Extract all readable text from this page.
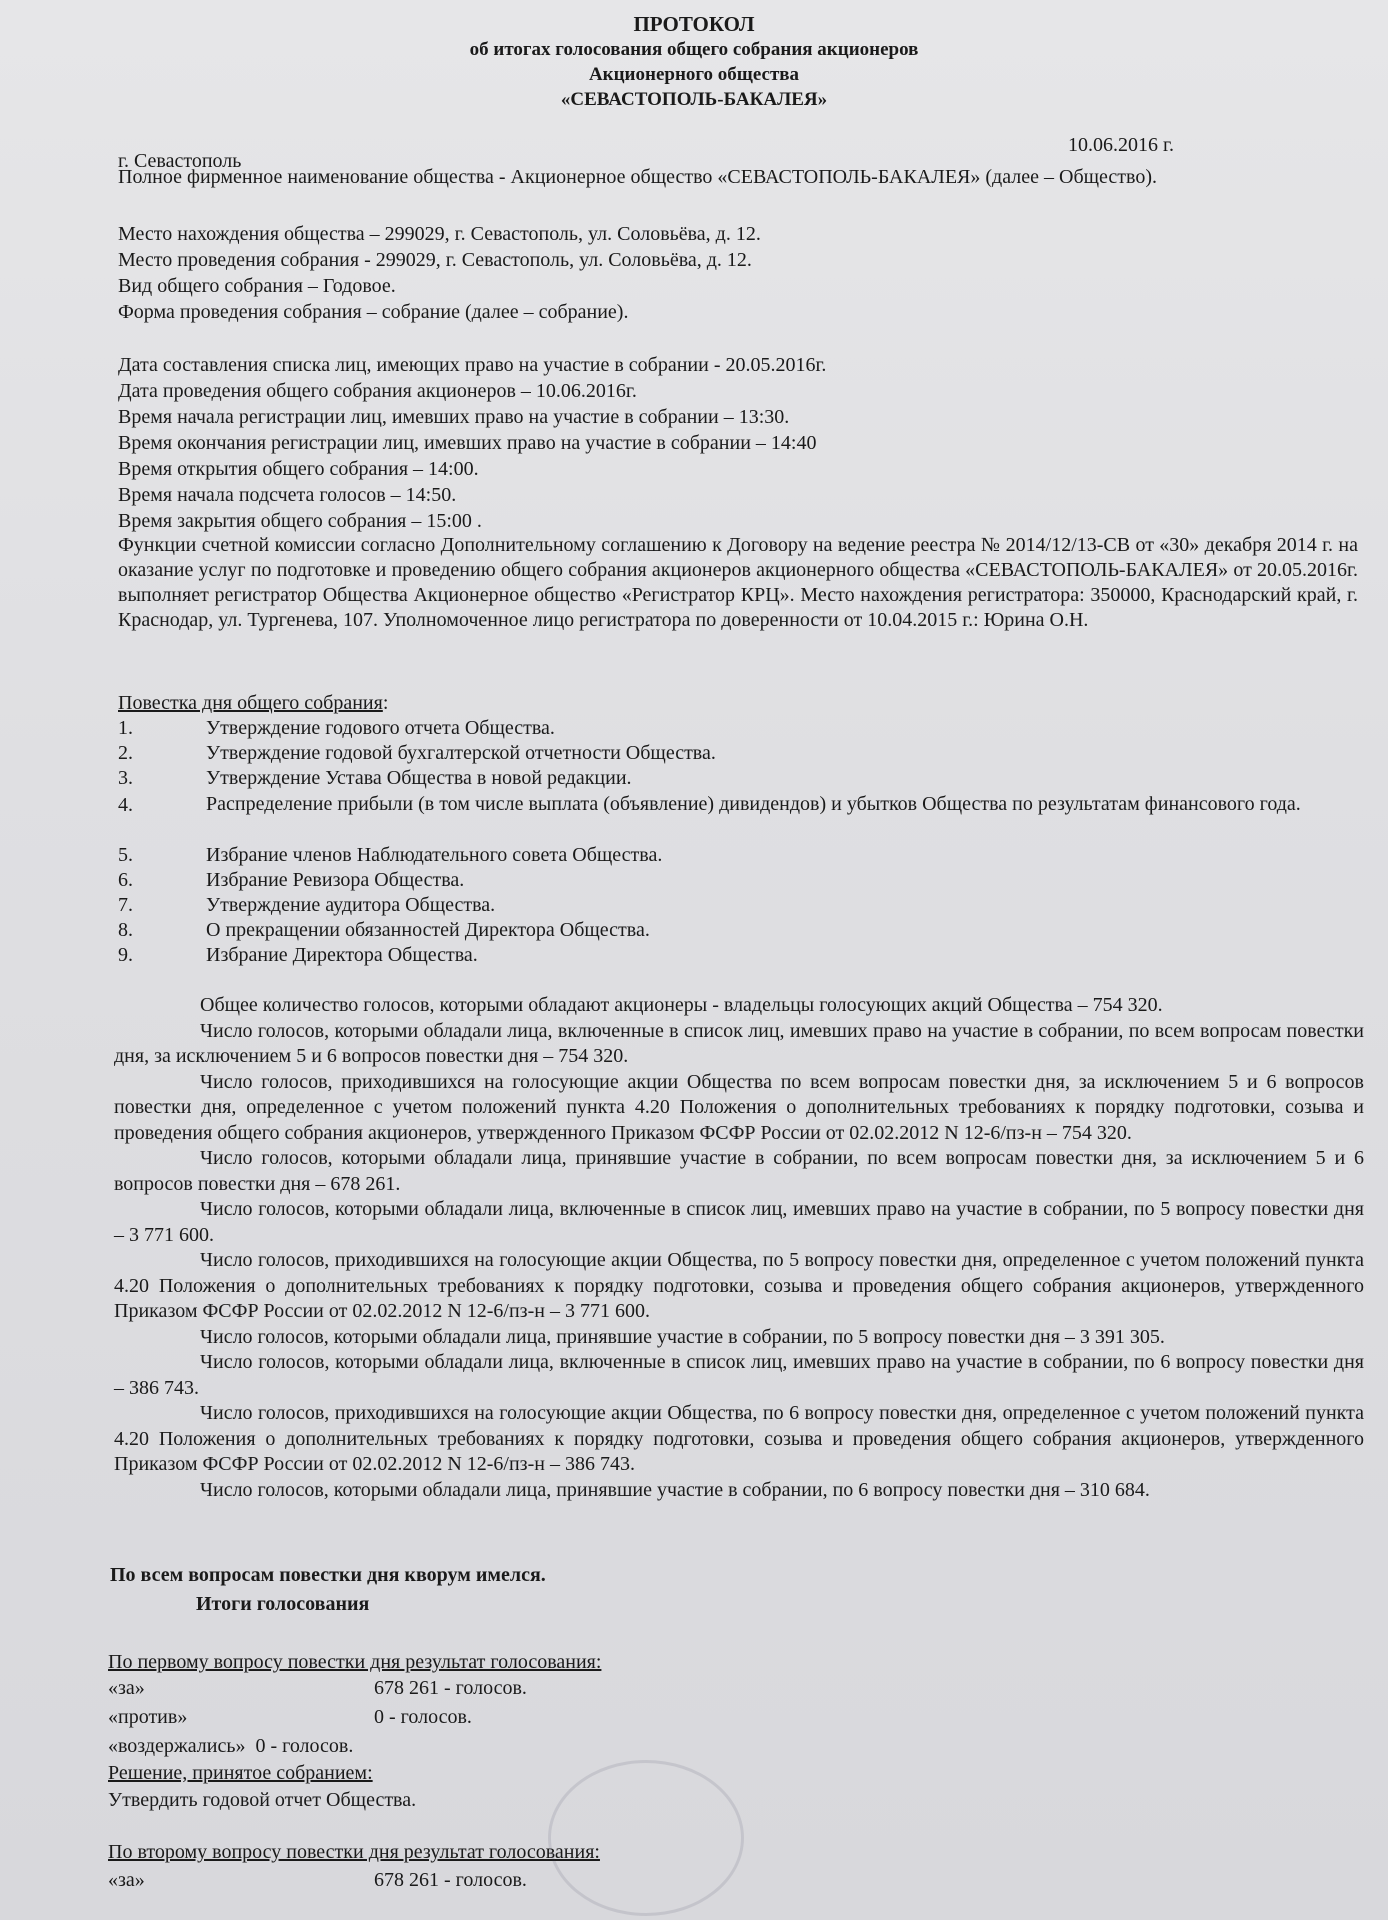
ПРОТОКОЛ
об итогах голосования общего собрания акционеров
Акционерного общества
«СЕВАСТОПОЛЬ-БАКАЛЕЯ»
10.06.2016 г.
г. Севастополь
Полное фирменное наименование общества - Акционерное общество «СЕВАСТОПОЛЬ-БАКАЛЕЯ» (далее – Общество).
Место нахождения общества – 299029, г. Севастополь, ул. Соловьёва, д. 12.
Место проведения собрания - 299029, г. Севастополь, ул. Соловьёва, д. 12.
Вид общего собрания – Годовое.
Форма проведения собрания – собрание (далее – собрание).
Дата составления списка лиц, имеющих право на участие в собрании - 20.05.2016г.
Дата проведения общего собрания акционеров – 10.06.2016г.
Время начала регистрации лиц, имевших право на участие в собрании – 13:30.
Время окончания регистрации лиц, имевших право на участие в собрании – 14:40
Время открытия общего собрания – 14:00.
Время начала подсчета голосов – 14:50.
Время закрытия общего собрания – 15:00 .
Функции счетной комиссии согласно Дополнительному соглашению к Договору на ведение реестра № 2014/12/13-СВ от «30» декабря 2014 г. на оказание услуг по подготовке и проведению общего собрания акционеров акционерного общества «СЕВАСТОПОЛЬ-БАКАЛЕЯ» от 20.05.2016г. выполняет регистратор Общества Акционерное общество «Регистратор КРЦ». Место нахождения регистратора: 350000, Краснодарский край, г. Краснодар, ул. Тургенева, 107. Уполномоченное лицо регистратора по доверенности от 10.04.2015 г.: Юрина О.Н.
Повестка дня общего собрания:
1.	Утверждение годового отчета Общества.
2.	Утверждение годовой бухгалтерской отчетности Общества.
3.	Утверждение Устава Общества в новой редакции.
4.	Распределение прибыли (в том числе выплата (объявление) дивидендов) и убытков Общества по результатам финансового года.
5.	Избрание членов Наблюдательного совета Общества.
6.	Избрание Ревизора Общества.
7.	Утверждение аудитора Общества.
8.	О прекращении обязанностей Директора Общества.
9.	Избрание Директора Общества.

Общее количество голосов, которыми обладают акционеры - владельцы голосующих акций Общества – 754 320.

Число голосов, которыми обладали лица, включенные в список лиц, имевших право на участие в собрании, по всем вопросам повестки дня, за исключением 5 и 6 вопросов повестки дня – 754 320.

Число голосов, приходившихся на голосующие акции Общества по всем вопросам повестки дня, за исключением 5 и 6 вопросов повестки дня, определенное с учетом положений пункта 4.20 Положения о дополнительных требованиях к порядку подготовки, созыва и проведения общего собрания акционеров, утвержденного Приказом ФСФР России от 02.02.2012 N 12-6/пз-н – 754 320.

Число голосов, которыми обладали лица, принявшие участие в собрании, по всем вопросам повестки дня, за исключением 5 и 6 вопросов повестки дня – 678 261.

Число голосов, которыми обладали лица, включенные в список лиц, имевших право на участие в собрании, по 5 вопросу повестки дня – 3 771 600.

Число голосов, приходившихся на голосующие акции Общества, по 5 вопросу повестки дня, определенное с учетом положений пункта 4.20 Положения о дополнительных требованиях к порядку подготовки, созыва и проведения общего собрания акционеров, утвержденного Приказом ФСФР России от 02.02.2012 N 12-6/пз-н – 3 771 600.

Число голосов, которыми обладали лица, принявшие участие в собрании, по 5 вопросу повестки дня – 3 391 305.

Число голосов, которыми обладали лица, включенные в список лиц, имевших право на участие в собрании, по 6 вопросу повестки дня – 386 743.

Число голосов, приходившихся на голосующие акции Общества, по 6 вопросу повестки дня, определенное с учетом положений пункта 4.20 Положения о дополнительных требованиях к порядку подготовки, созыва и проведения общего собрания акционеров, утвержденного Приказом ФСФР России от 02.02.2012 N 12-6/пз-н – 386 743.

Число голосов, которыми обладали лица, принявшие участие в собрании, по 6 вопросу повестки дня – 310 684.

По всем вопросам повестки дня кворум имелся.
Итоги голосования
По первому вопросу повестки дня результат голосования:
«за»	678 261 - голосов.
«против»	0 - голосов.
«воздержались» 0 - голосов.
Решение, принятое собранием:
Утвердить годовой отчет Общества.
По второму вопросу повестки дня результат голосования:
«за»	678 261 - голосов.
